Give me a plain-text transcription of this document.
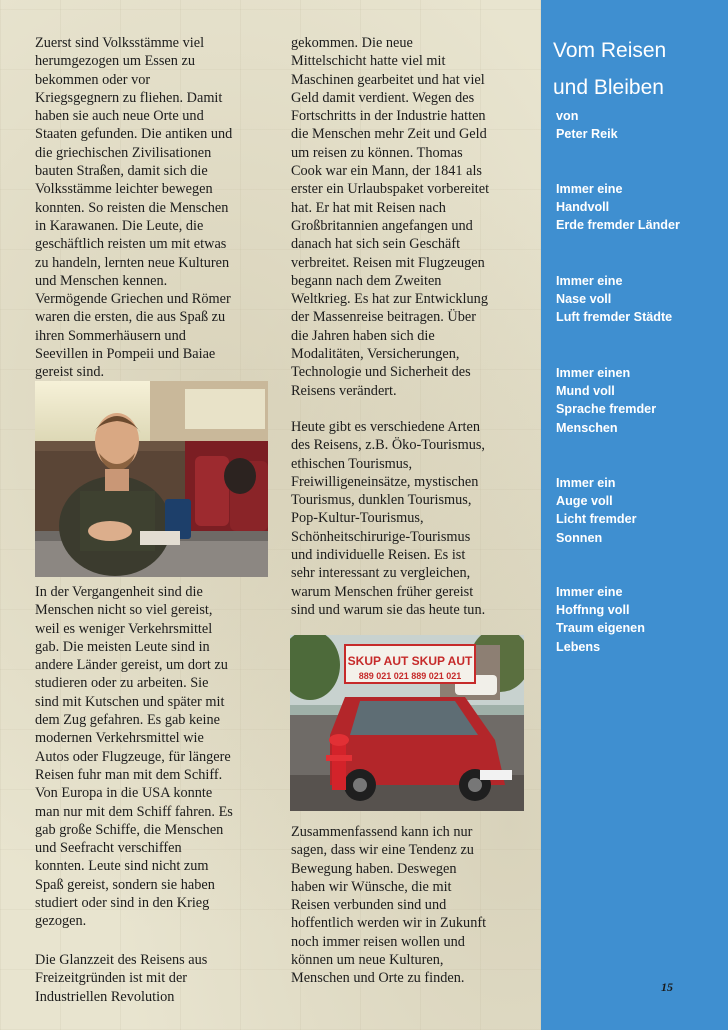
Zuerst sind Volksstämme viel
herumgezogen um Essen zu
bekommen oder vor
Kriegsgegnern zu fliehen. Damit
haben sie auch neue Orte und
Staaten gefunden. Die antiken und
die griechischen Zivilisationen
bauten Straßen, damit sich die
Volksstämme leichter bewegen
konnten. So reisten die Menschen
in Karawanen. Die Leute, die
geschäftlich reisten um mit etwas
zu handeln, lernten neue Kulturen
und Menschen kennen.
Vermögende Griechen und Römer
waren die ersten, die aus Spaß zu
ihren Sommerhäusern und
Seevillen in Pompeii und Baiae
gereist sind.

In der Vergangenheit sind die
Menschen nicht so viel gereist,
weil es weniger Verkehrsmittel
gab. Die meisten Leute sind in
andere Länder gereist, um dort zu
studieren oder zu arbeiten. Sie
sind mit Kutschen und später mit
dem Zug gefahren. Es gab keine
modernen Verkehrsmittel wie
Autos oder Flugzeuge, für längere
Reisen fuhr man mit dem Schiff.
Von Europa in die USA konnte
man nur mit dem Schiff fahren. Es
gab große Schiffe, die Menschen
und Seefracht verschiffen
konnten. Leute sind nicht zum
Spaß gereist, sondern sie haben
studiert oder sind in den Krieg
gezogen.

Die Glanzzeit des Reisens aus
Freizeitgründen ist mit der
Industriellen Revolution

gekommen. Die neue
Mittelschicht hatte viel mit
Maschinen gearbeitet und hat viel
Geld damit verdient. Wegen des
Fortschritts in der Industrie hatten
die Menschen mehr Zeit und Geld
um reisen zu können. Thomas
Cook war ein Mann, der 1841 als
erster ein Urlaubspaket vorbereitet
hat. Er hat mit Reisen nach
Großbritannien angefangen und
danach hat sich sein Geschäft
verbreitet. Reisen mit Flugzeugen
begann nach dem Zweiten
Weltkrieg. Es hat zur Entwicklung
der Massenreise beitragen. Über
die Jahren haben sich die
Modalitäten, Versicherungen,
Technologie und Sicherheit des
Reisens verändert.

Heute gibt es verschiedene Arten
des Reisens, z.B. Öko-Tourismus,
ethischen Tourismus,
Freiwilligeneinsätze, mystischen
Tourismus, dunklen Tourismus,
Pop-Kultur-Tourismus,
Schönheitschirurige-Tourismus
und individuelle Reisen. Es ist
sehr interessant zu vergleichen,
warum Menschen früher gereist
sind und warum sie das heute tun.

SKUP AUT SKUP AUT
889 021 021 889 021 021

Zusammenfassend kann ich nur
sagen, dass wir eine Tendenz zu
Bewegung haben. Deswegen
haben wir Wünsche, die mit
Reisen verbunden sind und
hoffentlich werden wir in Zukunft
noch immer reisen wollen und
können um neue Kulturen,
Menschen und Orte zu finden.

Vom Reisen
und Bleiben
von
Peter Reik
Immer eine
Handvoll
Erde fremder Länder
Immer eine
Nase voll
Luft fremder Städte
Immer einen
Mund voll
Sprache fremder
Menschen
Immer ein
Auge voll
Licht fremder
Sonnen
Immer eine
Hoffnng voll
Traum eigenen
Lebens
15
